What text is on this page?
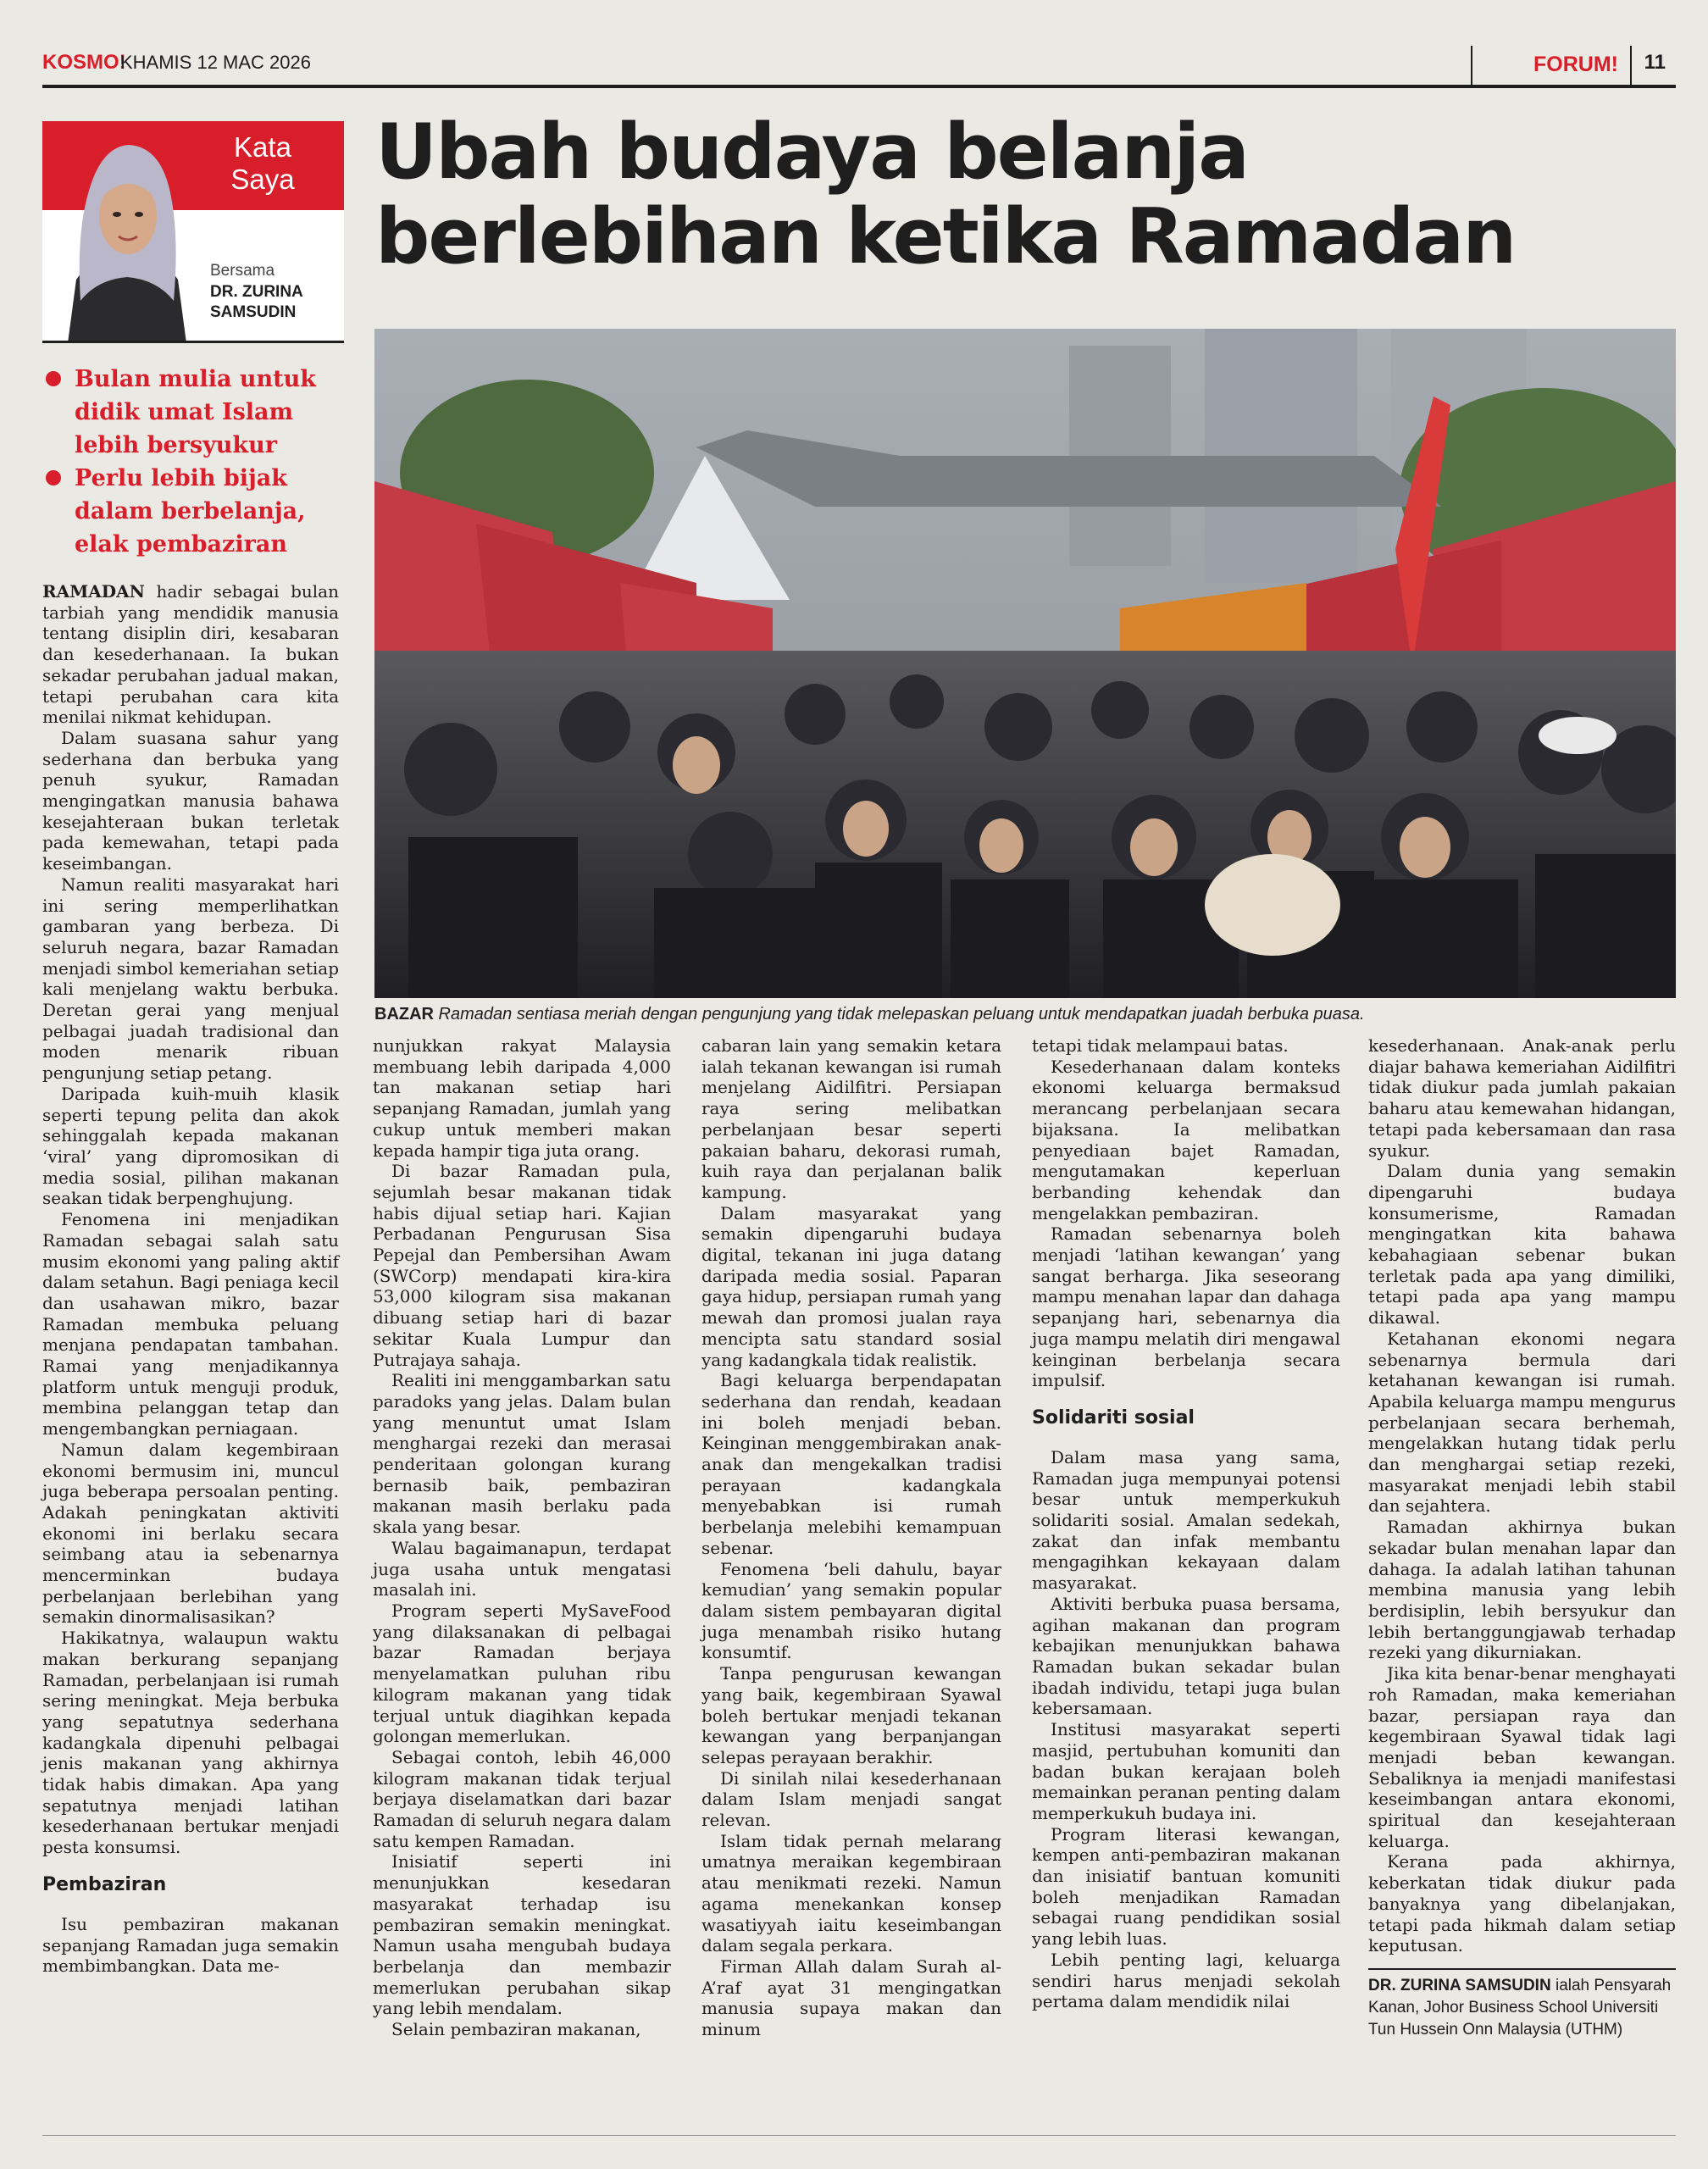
KOSMO!
KHAMIS 12 MAC 2026	FORUM! 11
Kata Saya
Bersama
DR. ZURINA SAMSUDIN
Ubah budaya belanja berlebihan ketika Ramadan
Bulan mulia untuk didik umat Islam lebih bersyukur
Perlu lebih bijak dalam berbelanja, elak pembaziran
BAZAR Ramadan sentiasa meriah dengan pengunjung yang tidak melepaskan peluang untuk mendapatkan juadah berbuka puasa.

RAMADAN hadir sebagai bulan tarbiah yang mendidik manusia tentang disiplin diri, kesabaran dan kesederhanaan. Ia bukan sekadar perubahan jadual makan, tetapi perubahan cara kita menilai nikmat kehidupan.

Dalam suasana sahur yang sederhana dan berbuka yang penuh syukur, Ramadan mengingatkan manusia bahawa kesejahteraan bukan terletak pada kemewahan, tetapi pada keseimbangan.

Namun realiti masyarakat hari ini sering memperlihatkan gambaran yang berbeza. Di seluruh negara, bazar Ramadan menjadi simbol kemeriahan setiap kali menjelang waktu berbuka. Deretan gerai yang menjual pelbagai juadah tradisional dan moden menarik ribuan pengunjung setiap petang.

Daripada kuih-muih klasik seperti tepung pelita dan akok sehinggalah kepada makanan ‘viral’ yang dipromosikan di media sosial, pilihan makanan seakan tidak berpenghujung.

Fenomena ini menjadikan Ramadan sebagai salah satu musim ekonomi yang paling aktif dalam setahun. Bagi peniaga kecil dan usahawan mikro, bazar Ramadan membuka peluang menjana pendapatan tambahan. Ramai yang menjadikannya platform untuk menguji produk, membina pelanggan tetap dan mengembangkan perniagaan.

Namun dalam kegembiraan ekonomi bermusim ini, muncul juga beberapa persoalan penting. Adakah peningkatan aktiviti ekonomi ini berlaku secara seimbang atau ia sebenarnya mencerminkan budaya perbelanjaan berlebihan yang semakin dinormalisasikan?

Hakikatnya, walaupun waktu makan berkurang sepanjang Ramadan, perbelanjaan isi rumah sering meningkat. Meja berbuka yang sepatutnya sederhana kadangkala dipenuhi pelbagai jenis makanan yang akhirnya tidak habis dimakan. Apa yang sepatutnya menjadi latihan kesederhanaan bertukar menjadi pesta konsumsi.

Pembaziran

Isu pembaziran makanan sepanjang Ramadan juga semakin membimbangkan. Data me-

nunjukkan rakyat Malaysia membuang lebih daripada 4,000 tan makanan setiap hari sepanjang Ramadan, jumlah yang cukup untuk memberi makan kepada hampir tiga juta orang.

Di bazar Ramadan pula, sejumlah besar makanan tidak habis dijual setiap hari. Kajian Perbadanan Pengurusan Sisa Pepejal dan Pembersihan Awam (SWCorp) mendapati kira-kira 53,000 kilogram sisa makanan dibuang setiap hari di bazar sekitar Kuala Lumpur dan Putrajaya sahaja.

Realiti ini menggambarkan satu paradoks yang jelas. Dalam bulan yang menuntut umat Islam menghargai rezeki dan merasai penderitaan golongan kurang bernasib baik, pembaziran makanan masih berlaku pada skala yang besar.

Walau bagaimanapun, terdapat juga usaha untuk mengatasi masalah ini.

Program seperti MySaveFood yang dilaksanakan di pelbagai bazar Ramadan berjaya menyelamatkan puluhan ribu kilogram makanan yang tidak terjual untuk diagihkan kepada golongan memerlukan.

Sebagai contoh, lebih 46,000 kilogram makanan tidak terjual berjaya diselamatkan dari bazar Ramadan di seluruh negara dalam satu kempen Ramadan.

Inisiatif seperti ini menunjukkan kesedaran masyarakat terhadap isu pembaziran semakin meningkat. Namun usaha mengubah budaya berbelanja dan membazir memerlukan perubahan sikap yang lebih mendalam.

Selain pembaziran makanan,

cabaran lain yang semakin ketara ialah tekanan kewangan isi rumah menjelang Aidilfitri. Persiapan raya sering melibatkan perbelanjaan besar seperti pakaian baharu, dekorasi rumah, kuih raya dan perjalanan balik kampung.

Dalam masyarakat yang semakin dipengaruhi budaya digital, tekanan ini juga datang daripada media sosial. Paparan gaya hidup, persiapan rumah yang mewah dan promosi jualan raya mencipta satu standard sosial yang kadangkala tidak realistik.

Bagi keluarga berpendapatan sederhana dan rendah, keadaan ini boleh menjadi beban. Keinginan menggembirakan anak-anak dan mengekalkan tradisi perayaan kadangkala menyebabkan isi rumah berbelanja melebihi kemampuan sebenar.

Fenomena ‘beli dahulu, bayar kemudian’ yang semakin popular dalam sistem pembayaran digital juga menambah risiko hutang konsumtif.

Tanpa pengurusan kewangan yang baik, kegembiraan Syawal boleh bertukar menjadi tekanan kewangan yang berpanjangan selepas perayaan berakhir.

Di sinilah nilai kesederhanaan dalam Islam menjadi sangat relevan.

Islam tidak pernah melarang umatnya meraikan kegembiraan atau menikmati rezeki. Namun agama menekankan konsep wasatiyyah iaitu keseimbangan dalam segala perkara.

Firman Allah dalam Surah al-A’raf ayat 31 mengingatkan manusia supaya makan dan minum

tetapi tidak melampaui batas.

Kesederhanaan dalam konteks ekonomi keluarga bermaksud merancang perbelanjaan secara bijaksana. Ia melibatkan penyediaan bajet Ramadan, mengutamakan keperluan berbanding kehendak dan mengelakkan pembaziran.

Ramadan sebenarnya boleh menjadi ‘latihan kewangan’ yang sangat berharga. Jika seseorang mampu menahan lapar dan dahaga sepanjang hari, sebenarnya dia juga mampu melatih diri mengawal keinginan berbelanja secara impulsif.

Solidariti sosial

Dalam masa yang sama, Ramadan juga mempunyai potensi besar untuk memperkukuh solidariti sosial. Amalan sedekah, zakat dan infak membantu mengagihkan kekayaan dalam masyarakat.

Aktiviti berbuka puasa bersama, agihan makanan dan program kebajikan menunjukkan bahawa Ramadan bukan sekadar bulan ibadah individu, tetapi juga bulan kebersamaan.

Institusi masyarakat seperti masjid, pertubuhan komuniti dan badan bukan kerajaan boleh memainkan peranan penting dalam memperkukuh budaya ini.

Program literasi kewangan, kempen anti-pembaziran makanan dan inisiatif bantuan komuniti boleh menjadikan Ramadan sebagai ruang pendidikan sosial yang lebih luas.

Lebih penting lagi, keluarga sendiri harus menjadi sekolah pertama dalam mendidik nilai

kesederhanaan. Anak-anak perlu diajar bahawa kemeriahan Aidilfitri tidak diukur pada jumlah pakaian baharu atau kemewahan hidangan, tetapi pada kebersamaan dan rasa syukur.

Dalam dunia yang semakin dipengaruhi budaya konsumerisme, Ramadan mengingatkan kita bahawa kebahagiaan sebenar bukan terletak pada apa yang dimiliki, tetapi pada apa yang mampu dikawal.

Ketahanan ekonomi negara sebenarnya bermula dari ketahanan kewangan isi rumah. Apabila keluarga mampu mengurus perbelanjaan secara berhemah, mengelakkan hutang tidak perlu dan menghargai setiap rezeki, masyarakat menjadi lebih stabil dan sejahtera.

Ramadan akhirnya bukan sekadar bulan menahan lapar dan dahaga. Ia adalah latihan tahunan membina manusia yang lebih berdisiplin, lebih bersyukur dan lebih bertanggungjawab terhadap rezeki yang dikurniakan.

Jika kita benar-benar menghayati roh Ramadan, maka kemeriahan bazar, persiapan raya dan kegembiraan Syawal tidak lagi menjadi beban kewangan. Sebaliknya ia menjadi manifestasi keseimbangan antara ekonomi, spiritual dan kesejahteraan keluarga.

Kerana pada akhirnya, keberkatan tidak diukur pada banyaknya yang dibelanjakan, tetapi pada hikmah dalam setiap keputusan.

DR. ZURINA SAMSUDIN ialah Pensyarah Kanan, Johor Business School Universiti Tun Hussein Onn Malaysia (UTHM)
